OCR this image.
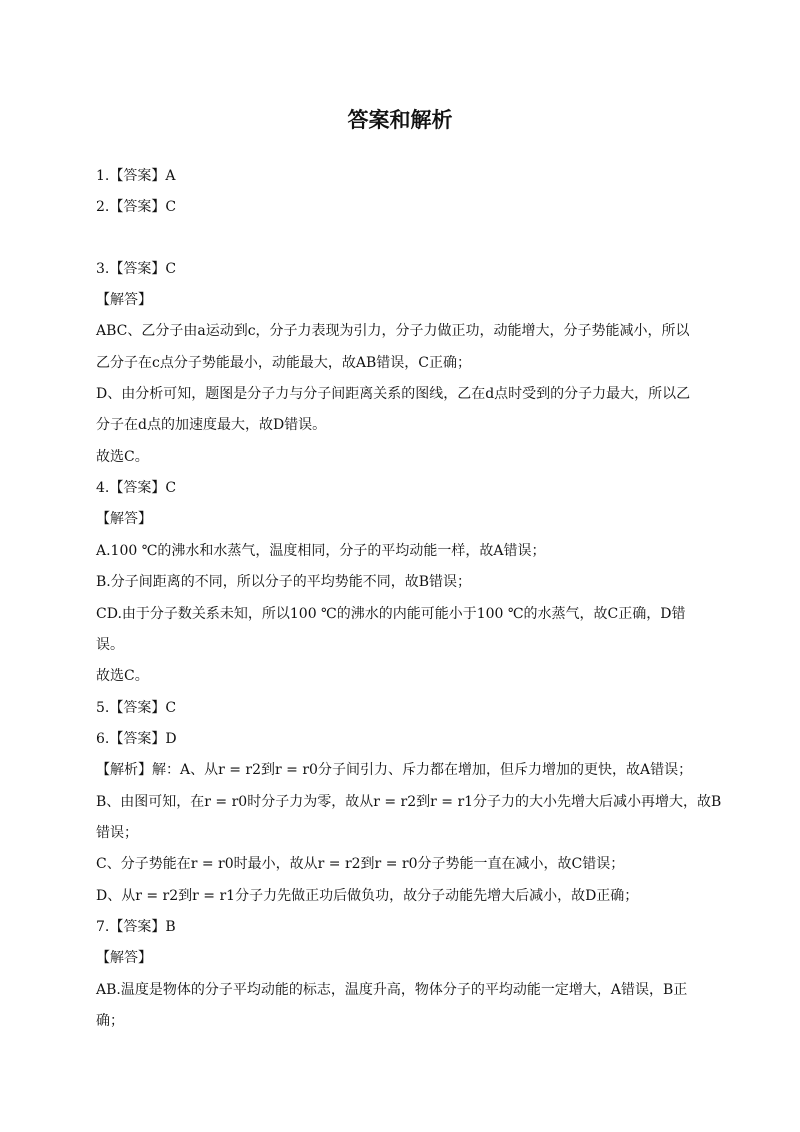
答案和解析
1.【答案】A
2.【答案】C
3.【答案】C
【解答】
ABC、乙分子由a运动到c，分子力表现为引力，分子力做正功，动能增大，分子势能减小，所以
乙分子在c点分子势能最小，动能最大，故AB错误，C正确；
D、由分析可知，题图是分子力与分子间距离关系的图线，乙在d点时受到的分子力最大，所以乙
分子在d点的加速度最大，故D错误。
故选C。
4.【答案】C
【解答】
A.100 ℃的沸水和水蒸气，温度相同，分子的平均动能一样，故A错误；
B.分子间距离的不同，所以分子的平均势能不同，故B错误；
CD.由于分子数关系未知，所以100 ℃的沸水的内能可能小于100 ℃的水蒸气，故C正确，D错
误。
故选C。
5.【答案】C
6.【答案】D
【解析】解：A、从r = r2到r = r0分子间引力、斥力都在增加，但斥力增加的更快，故A错误；
B、由图可知，在r = r0时分子力为零，故从r = r2到r = r1分子力的大小先增大后减小再增大，故B
错误；
C、分子势能在r = r0时最小，故从r = r2到r = r0分子势能一直在减小，故C错误；
D、从r = r2到r = r1分子力先做正功后做负功，故分子动能先增大后减小，故D正确；
7.【答案】B
【解答】
AB.温度是物体的分子平均动能的标志，温度升高，物体分子的平均动能一定增大，A错误，B正
确；
